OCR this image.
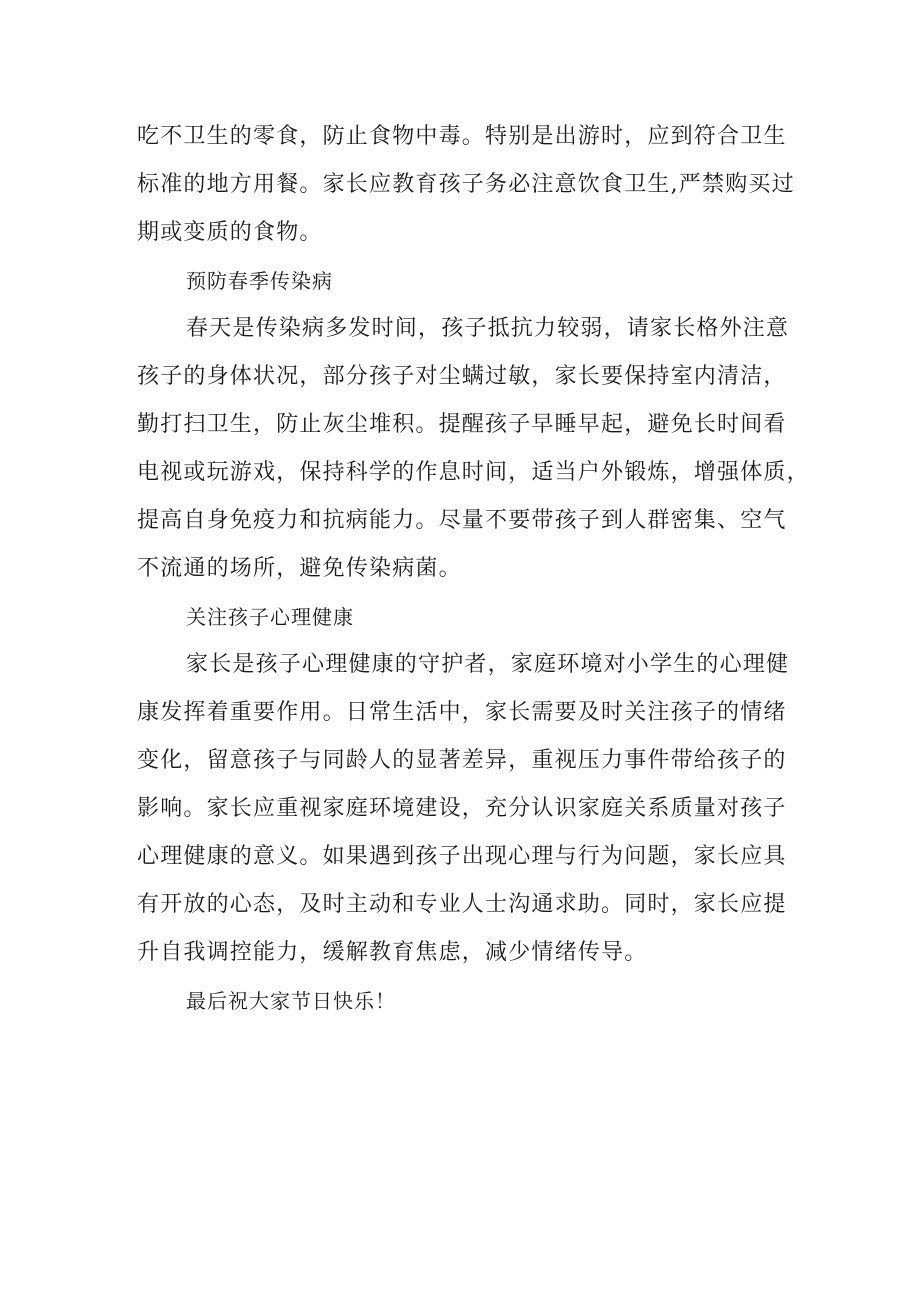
吃不卫生的零食，防止食物中毒。特别是出游时，应到符合卫生
标准的地方用餐。家长应教育孩子务必注意饮食卫生,严禁购买过
期或变质的食物。
预防春季传染病
春天是传染病多发时间，孩子抵抗力较弱，请家长格外注意
孩子的身体状况，部分孩子对尘螨过敏，家长要保持室内清洁，
勤打扫卫生，防止灰尘堆积。提醒孩子早睡早起，避免长时间看
电视或玩游戏，保持科学的作息时间，适当户外锻炼，增强体质，
提高自身免疫力和抗病能力。尽量不要带孩子到人群密集、空气
不流通的场所，避免传染病菌。
关注孩子心理健康
家长是孩子心理健康的守护者，家庭环境对小学生的心理健
康发挥着重要作用。日常生活中，家长需要及时关注孩子的情绪
变化，留意孩子与同龄人的显著差异，重视压力事件带给孩子的
影响。家长应重视家庭环境建设，充分认识家庭关系质量对孩子
心理健康的意义。如果遇到孩子出现心理与行为问题，家长应具
有开放的心态，及时主动和专业人士沟通求助。同时，家长应提
升自我调控能力，缓解教育焦虑，减少情绪传导。
最后祝大家节日快乐！
